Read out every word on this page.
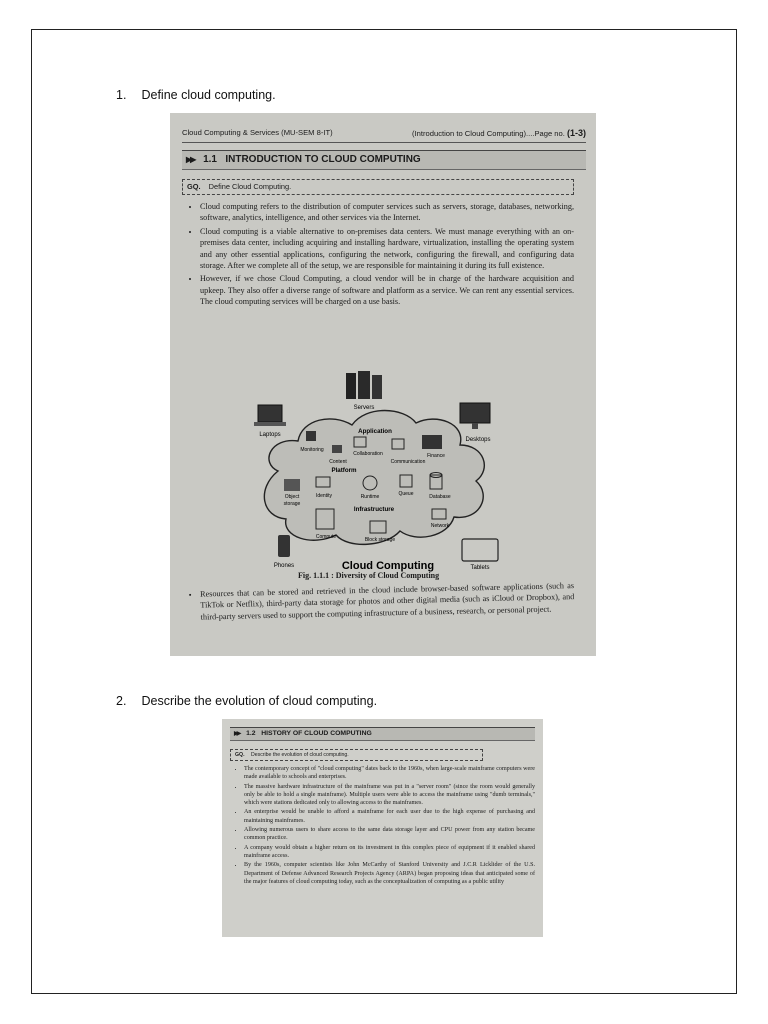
1. Define cloud computing.
Cloud Computing & Services (MU-SEM 8-IT)	(Introduction to Cloud Computing)....Page no. (1-3)
▶▶ 1.1 INTRODUCTION TO CLOUD COMPUTING
GQ. Define Cloud Computing.
• Cloud computing refers to the distribution of computer services such as servers, storage, databases, networking, software, analytics, intelligence, and other services via the Internet.
• Cloud computing is a viable alternative to on-premises data centers. We must manage everything with an on-premises data center, including acquiring and installing hardware, virtualization, installing the operating system and any other essential applications, configuring the network, configuring the firewall, and configuring data storage. After we complete all of the setup, we are responsible for maintaining it during its full existence.
• However, if we chose Cloud Computing, a cloud vendor will be in charge of the hardware acquisition and upkeep. They also offer a diverse range of software and platform as a service. We can rent any essential services. The cloud computing services will be charged on a use basis.
Servers
Laptops
Desktops
Application
Monitoring
Content
Collaboration
Communication
Finance
Platform
Object
storage
Identity	Runtime	Queue	Database
Infrastructure
Compute	Block storage
Network
Phones	Cloud Computing	Tablets
Fig. 1.1.1 : Diversity of Cloud Computing
• Resources that can be stored and retrieved in the cloud include browser-based software applications (such as TikTok or Netflix), third-party data storage for photos and other digital media (such as iCloud or Dropbox), and third-party servers used to support the computing infrastructure of a business, research, or personal project.
2. Describe the evolution of cloud computing.
▶▶ 1.2 HISTORY OF CLOUD COMPUTING
GQ. Describe the evolution of cloud computing.
• The contemporary concept of "cloud computing" dates back to the 1960s, when large-scale mainframe computers were made available to schools and enterprises.
• The massive hardware infrastructure of the mainframe was put in a "server room" (since the room would generally only be able to hold a single mainframe). Multiple users were able to access the mainframe using "dumb terminals," which were stations dedicated only to allowing access to the mainframes.
• An enterprise would be unable to afford a mainframe for each user due to the high expense of purchasing and maintaining mainframes.
• Allowing numerous users to share access to the same data storage layer and CPU power from any station became common practice.
• A company would obtain a higher return on its investment in this complex piece of equipment if it enabled shared mainframe access.
• By the 1960s, computer scientists like John McCarthy of Stanford University and J.C.R Licklider of the U.S. Department of Defense Advanced Research Projects Agency (ARPA) began proposing ideas that anticipated some of the major features of cloud computing today, such as the conceptualization of computing as a public utility
